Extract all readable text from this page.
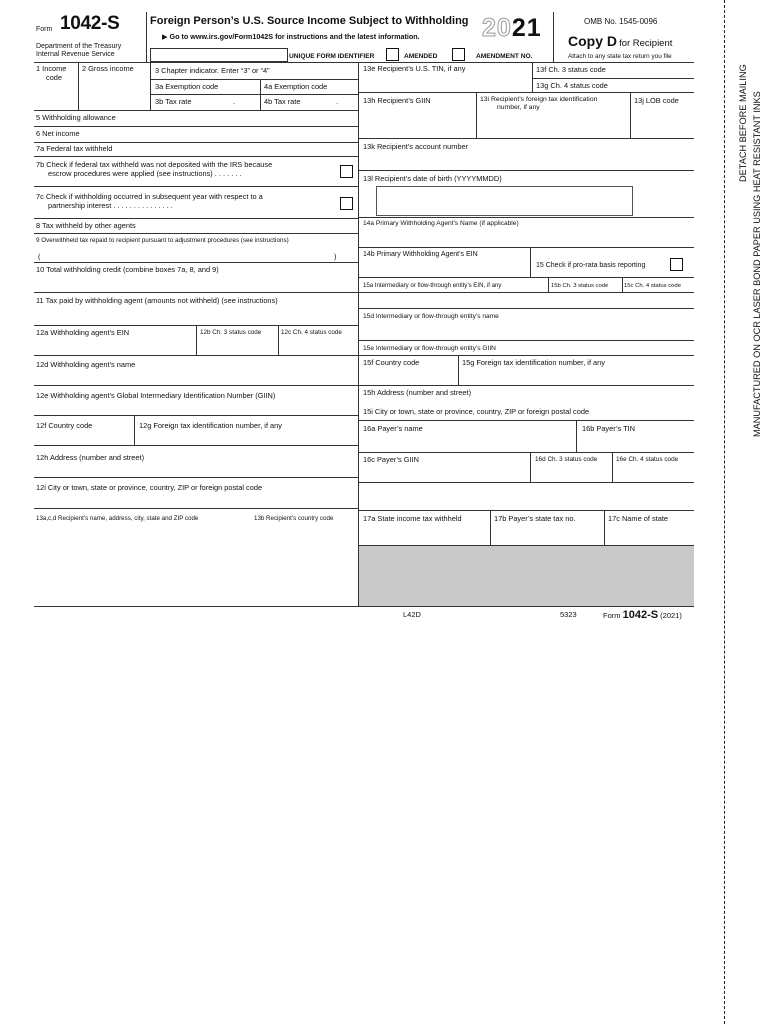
Form 1042-S
Department of the Treasury
Internal Revenue Service
Foreign Person’s U.S. Source Income Subject to Withholding
▶ Go to www.irs.gov/Form1042S for instructions and the latest information. 2021	OMB No. 1545-0096
Copy D for Recipient
Attach to any state tax return you file
UNIQUE FORM IDENTIFIER	AMENDED	AMENDMENT NO.
1 Income
code
2 Gross income	3 Chapter indicator. Enter “3” or “4”
3a Exemption code	4a Exemption code
3b Tax rate	.	4b Tax rate	.
5 Withholding allowance
6 Net income
7a Federal tax withheld
7b Check if federal tax withheld was not deposited with the IRS because
escrow procedures were applied (see instructions) . . . . . . .
7c Check if withholding occurred in subsequent year with respect to a
partnership interest . . . . . . . . . . . . . . .
8 Tax withheld by other agents
9 Overwithheld tax repaid to recipient pursuant to adjustment procedures (see instructions)
(	)
10 Total withholding credit (combine boxes 7a, 8, and 9)
11 Tax paid by withholding agent (amounts not withheld) (see instructions)
12a Withholding agent’s EIN	12b Ch. 3 status code	12c Ch. 4 status code
12d Withholding agent’s name
12e Withholding agent’s Global Intermediary Identification Number (GIIN)
12f Country code	12g Foreign tax identification number, if any
12h Address (number and street)
12i City or town, state or province, country, ZIP or foreign postal code
13a,c,d Recipient’s name, address, city, state and ZIP code	13b Recipient’s country code
13e Recipient’s U.S. TIN, if any	13f Ch. 3 status code
13g Ch. 4 status code
13h Recipient’s GIIN	13i Recipient’s foreign tax identification
number, if any
13j LOB code
13k Recipient’s account number
13l Recipient’s date of birth (YYYYMMDD)
14a Primary Withholding Agent’s Name (if applicable)
14b Primary Withholding Agent’s EIN
15 Check if pro-rata basis reporting
15a Intermediary or flow-through entity’s EIN, if any	15b Ch. 3 status code	15c Ch. 4 status code
15d Intermediary or flow-through entity’s name
15e Intermediary or flow-through entity’s GIIN
15f Country code	15g Foreign tax identification number, if any
15h Address (number and street)
15i City or town, state or province, country, ZIP or foreign postal code
16a Payer’s name	16b Payer’s TIN
16c Payer’s GIIN	16d Ch. 3 status code	16e Ch. 4 status code
17a State income tax withheld	17b Payer’s state tax no.	17c Name of state
L42D	5323	Form 1042-S (2021)
DETACH BEFORE MAILING MANUFACTURED ON OCR LASER BOND PAPER USING HEAT RESISTANT INKS
